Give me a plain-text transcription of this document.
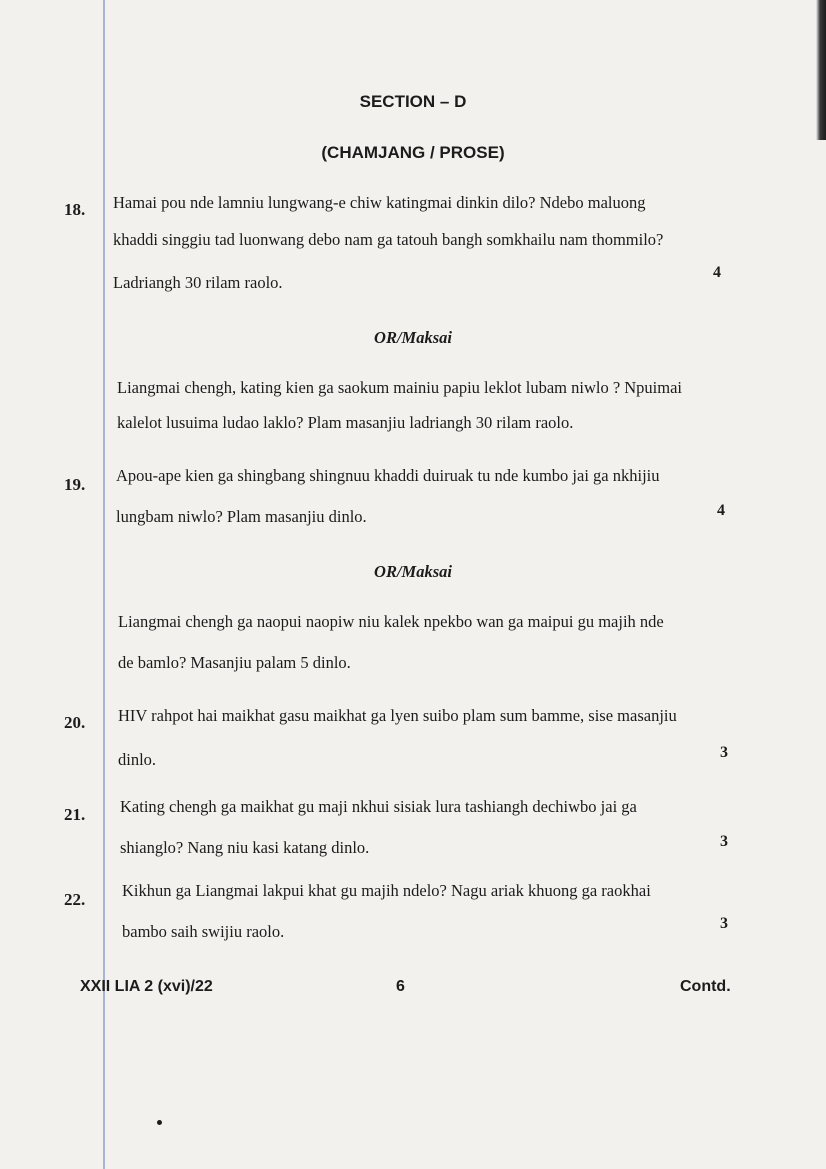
SECTION – D
(CHAMJANG / PROSE)
18. Hamai pou nde lamniu lungwang-e chiw katingmai dinkin dilo? Ndebo maluong
khaddi singgiu tad luonwang debo nam ga tatouh bangh somkhailu nam thommilo?
Ladriangh 30 rilam raolo.
4
OR/Maksai
Liangmai chengh, kating kien ga saokum mainiu papiu leklot lubam niwlo ? Npuimai
kalelot lusuima ludao laklo? Plam masanjiu ladriangh 30 rilam raolo.
19. Apou-ape kien ga shingbang shingnuu khaddi duiruak tu nde kumbo jai ga nkhijiu
lungbam niwlo? Plam masanjiu dinlo.	4
OR/Maksai
Liangmai chengh ga naopui naopiw niu kalek npekbo wan ga maipui gu majih nde
de bamlo? Masanjiu palam 5 dinlo.
20. HIV rahpot hai maikhat gasu maikhat ga lyen suibo plam sum bamme, sise masanjiu
dinlo.	3
21. Kating chengh ga maikhat gu maji nkhui sisiak lura tashiangh dechiwbo jai ga
shianglo? Nang niu kasi katang dinlo.	3
22. Kikhun ga Liangmai lakpui khat gu majih ndelo? Nagu ariak khuong ga raokhai
bambo saih swijiu raolo.	3
XXII LIA 2 (xvi)/22	6	Contd.
